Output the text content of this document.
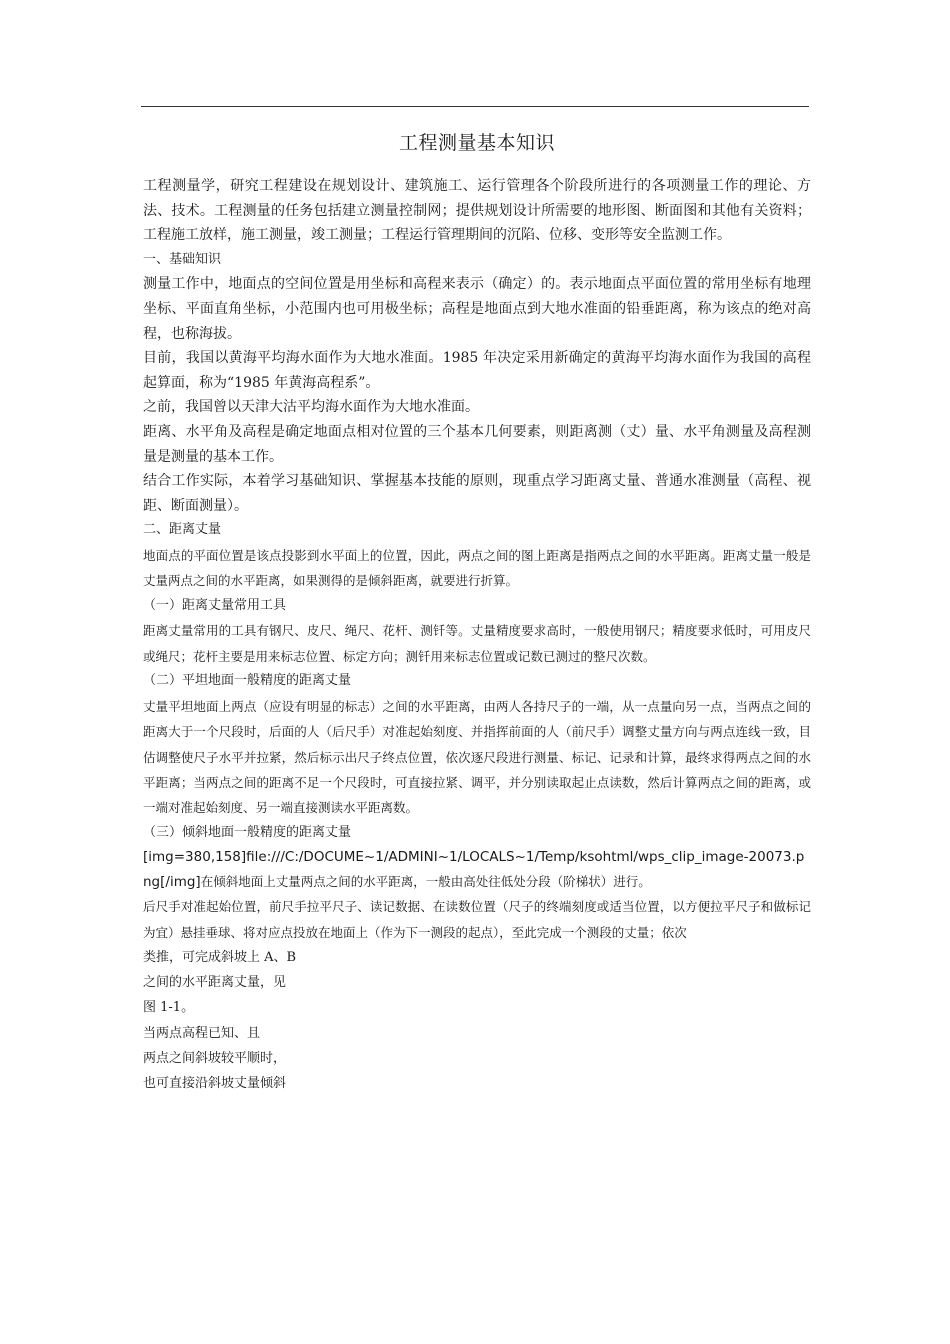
工程测量基本知识

工程测量学，研究工程建设在规划设计、建筑施工、运行管理各个阶段所进行的各项测量工作的理论、方法、技术。工程测量的任务包括建立测量控制网；提供规划设计所需要的地形图、断面图和其他有关资料；工程施工放样，施工测量，竣工测量；工程运行管理期间的沉陷、位移、变形等安全监测工作。

一、基础知识

测量工作中，地面点的空间位置是用坐标和高程来表示（确定）的。表示地面点平面位置的常用坐标有地理坐标、平面直角坐标，小范围内也可用极坐标；高程是地面点到大地水准面的铅垂距离，称为该点的绝对高程，也称海拔。

目前，我国以黄海平均海水面作为大地水准面。1985 年决定采用新确定的黄海平均海水面作为我国的高程起算面，称为“1985 年黄海高程系”。

之前，我国曾以天津大沽平均海水面作为大地水准面。

距离、水平角及高程是确定地面点相对位置的三个基本几何要素，则距离测（丈）量、水平角测量及高程测量是测量的基本工作。

结合工作实际，本着学习基础知识、掌握基本技能的原则，现重点学习距离丈量、普通水准测量（高程、视距、断面测量）。

二、距离丈量

地面点的平面位置是该点投影到水平面上的位置，因此，两点之间的图上距离是指两点之间的水平距离。距离丈量一般是丈量两点之间的水平距离，如果测得的是倾斜距离，就要进行折算。

（一）距离丈量常用工具

距离丈量常用的工具有钢尺、皮尺、绳尺、花杆、测钎等。丈量精度要求高时，一般使用钢尺；精度要求低时，可用皮尺或绳尺；花杆主要是用来标志位置、标定方向；测钎用来标志位置或记数已测过的整尺次数。

（二）平坦地面一般精度的距离丈量

丈量平坦地面上两点（应设有明显的标志）之间的水平距离，由两人各持尺子的一端，从一点量向另一点，当两点之间的距离大于一个尺段时，后面的人（后尺手）对准起始刻度、并指挥前面的人（前尺手）调整丈量方向与两点连线一致，目估调整使尺子水平并拉紧，然后标示出尺子终点位置，依次逐尺段进行测量、标记、记录和计算，最终求得两点之间的水平距离；当两点之间的距离不足一个尺段时，可直接拉紧、调平，并分别读取起止点读数，然后计算两点之间的距离，或一端对准起始刻度、另一端直接测读水平距离数。

（三）倾斜地面一般精度的距离丈量

[img=380,158]file:///C:/DOCUME~1/ADMINI~1/LOCALS~1/Temp/ksohtml/wps_clip_image-20073.png[/img]在倾斜地面上丈量两点之间的水平距离，一般由高处往低处分段（阶梯状）进行。

后尺手对准起始位置，前尺手拉平尺子、读记数据、在读数位置（尺子的终端刻度或适当位置，以方便拉平尺子和做标记为宜）悬挂垂球、将对应点投放在地面上（作为下一测段的起点），至此完成一个测段的丈量；依次

类推，可完成斜坡上 A、B

之间的水平距离丈量，见

图 1-1。

当两点高程已知、且

两点之间斜坡较平顺时，

也可直接沿斜坡丈量倾斜
